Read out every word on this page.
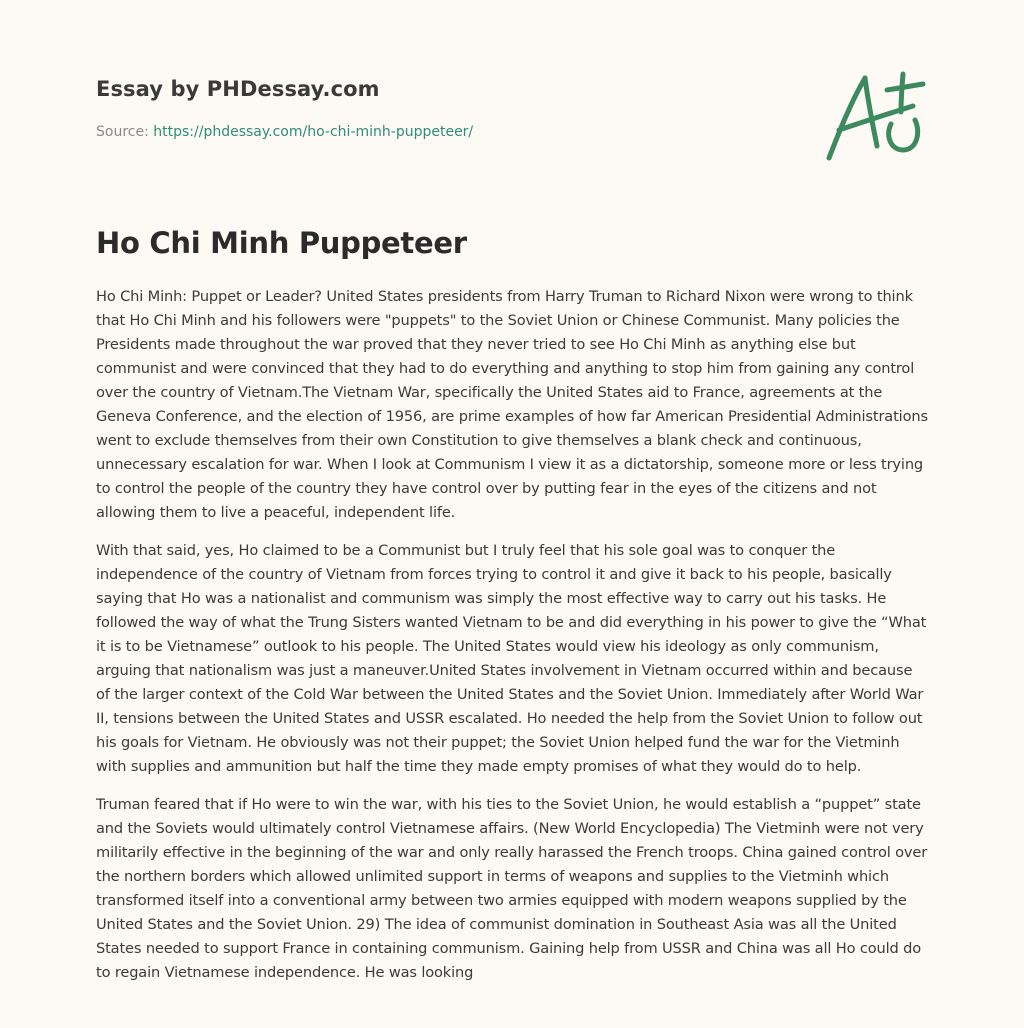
Essay by PHDessay.com
Source: https://phdessay.com/ho-chi-minh-puppeteer/
Ho Chi Minh Puppeteer

Ho Chi Minh: Puppet or Leader? United States presidents from Harry Truman to Richard Nixon were wrong to think that Ho Chi Minh and his followers were "puppets" to the Soviet Union or Chinese Communist. Many policies the Presidents made throughout the war proved that they never tried to see Ho Chi Minh as anything else but communist and were convinced that they had to do everything and anything to stop him from gaining any control over the country of Vietnam.The Vietnam War, specifically the United States aid to France, agreements at the Geneva Conference, and the election of 1956, are prime examples of how far American Presidential Administrations went to exclude themselves from their own Constitution to give themselves a blank check and continuous, unnecessary escalation for war. When I look at Communism I view it as a dictatorship, someone more or less trying to control the people of the country they have control over by putting fear in the eyes of the citizens and not allowing them to live a peaceful, independent life.

With that said, yes, Ho claimed to be a Communist but I truly feel that his sole goal was to conquer the independence of the country of Vietnam from forces trying to control it and give it back to his people, basically saying that Ho was a nationalist and communism was simply the most effective way to carry out his tasks. He followed the way of what the Trung Sisters wanted Vietnam to be and did everything in his power to give the “What it is to be Vietnamese” outlook to his people. The United States would view his ideology as only communism, arguing that nationalism was just a maneuver.United States involvement in Vietnam occurred within and because of the larger context of the Cold War between the United States and the Soviet Union. Immediately after World War II, tensions between the United States and USSR escalated. Ho needed the help from the Soviet Union to follow out his goals for Vietnam. He obviously was not their puppet; the Soviet Union helped fund the war for the Vietminh with supplies and ammunition but half the time they made empty promises of what they would do to help.

Truman feared that if Ho were to win the war, with his ties to the Soviet Union, he would establish a “puppet” state and the Soviets would ultimately control Vietnamese affairs. (New World Encyclopedia) The Vietminh were not very militarily effective in the beginning of the war and only really harassed the French troops. China gained control over the northern borders which allowed unlimited support in terms of weapons and supplies to the Vietminh which transformed itself into a conventional army between two armies equipped with modern weapons supplied by the United States and the Soviet Union. 29) The idea of communist domination in Southeast Asia was all the United States needed to support France in containing communism. Gaining help from USSR and China was all Ho could do to regain Vietnamese independence. He was looking
